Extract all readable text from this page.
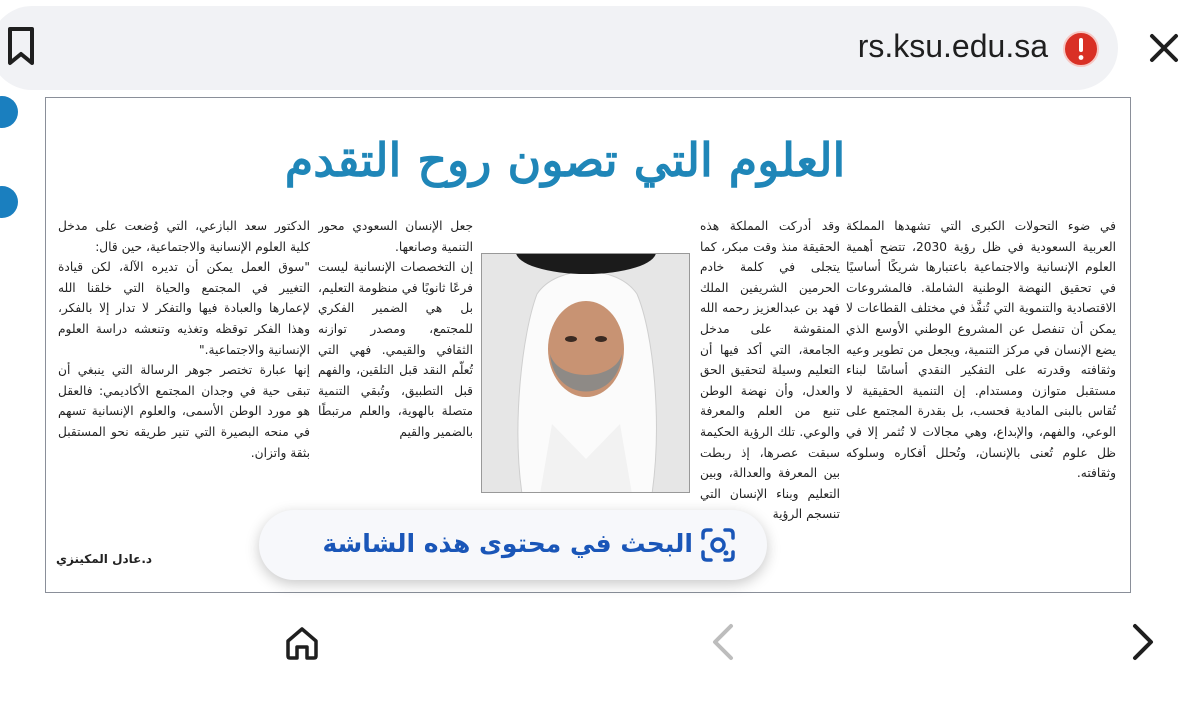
rs.ksu.edu.sa
العلوم التي تصون روح التقدم

في ضوء التحولات الكبرى التي تشهدها المملكة العربية السعودية في ظل رؤية 2030، تتضح أهمية العلوم الإنسانية والاجتماعية باعتبارها شريكًا أساسيًا في تحقيق النهضة الوطنية الشاملة. فالمشروعات الاقتصادية والتنموية التي تُنفَّذ في مختلف القطاعات لا يمكن أن تنفصل عن المشروع الوطني الأوسع الذي يضع الإنسان في مركز التنمية، ويجعل من تطوير وعيه وثقافته وقدرته على التفكير النقدي أساسًا لبناء مستقبل متوازن ومستدام. إن التنمية الحقيقية لا تُقاس بالبنى المادية فحسب، بل بقدرة المجتمع على الوعي، والفهم، والإبداع، وهي مجالات لا تُثمر إلا في ظل علوم تُعنى بالإنسان، وتُحلل أفكاره وسلوكه وثقافته.

وقد أدركت المملكة هذه الحقيقة منذ وقت مبكر، كما يتجلى في كلمة خادم الحرمين الشريفين الملك فهد بن عبدالعزيز رحمه الله المنقوشة على مدخل الجامعة، التي أكد فيها أن التعليم وسيلة لتحقيق الحق والعدل، وأن نهضة الوطن تنبع من العلم والمعرفة والوعي. تلك الرؤية الحكيمة سبقت عصرها، إذ ربطت بين المعرفة والعدالة، وبين التعليم وبناء الإنسان التي تنسجم الرؤية

جعل الإنسان السعودي محور التنمية وصانعها.

إن التخصصات الإنسانية ليست فرعًا ثانويًا في منظومة التعليم، بل هي الضمير الفكري للمجتمع، ومصدر توازنه الثقافي والقيمي. فهي التي تُعلّم النقد قبل التلقين، والفهم قبل التطبيق، وتُبقي التنمية متصلة بالهوية، والعلم مرتبطًا بالضمير والقيم

الدكتور سعد البازعي، التي وُضعت على مدخل كلية العلوم الإنسانية والاجتماعية، حين قال:

"سوق العمل يمكن أن تديره الآلة، لكن قيادة التغيير في المجتمع والحياة التي خلقنا الله لإعمارها والعبادة فيها والتفكر لا تدار إلا بالفكر، وهذا الفكر توقظه وتغذيه وتنعشه دراسة العلوم الإنسانية والاجتماعية."

إنها عبارة تختصر جوهر الرسالة التي ينبغي أن تبقى حية في وجدان المجتمع الأكاديمي: فالعقل هو مورد الوطن الأسمى، والعلوم الإنسانية تسهم في منحه البصيرة التي تنير طريقه نحو المستقبل بثقة واتزان.

د.عادل المكينزي
البحث في محتوى هذه الشاشة
